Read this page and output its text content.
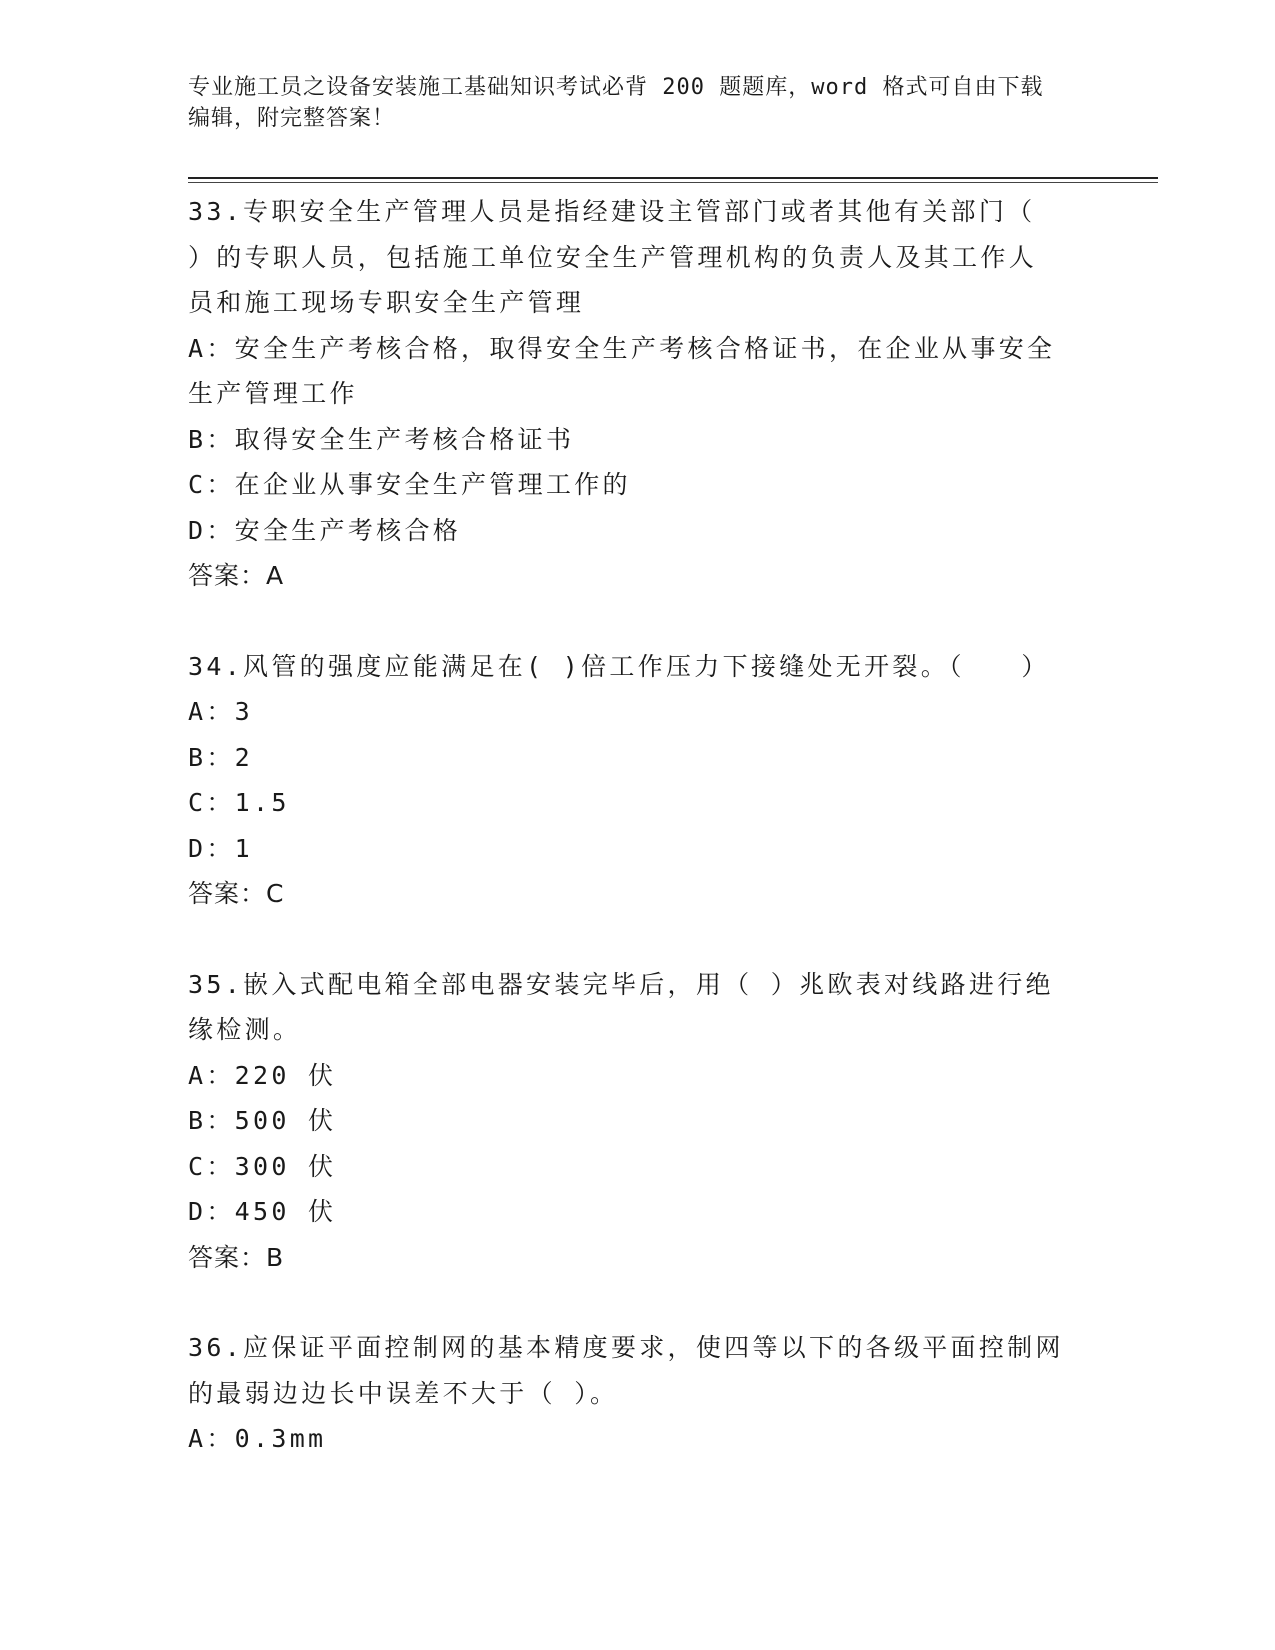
专业施工员之设备安装施工基础知识考试必背 200 题题库，word 格式可自由下载
编辑，附完整答案！
33.专职安全生产管理人员是指经建设主管部门或者其他有关部门（
）的专职人员，包括施工单位安全生产管理机构的负责人及其工作人
员和施工现场专职安全生产管理
A：安全生产考核合格，取得安全生产考核合格证书，在企业从事安全
生产管理工作
B：取得安全生产考核合格证书
C：在企业从事安全生产管理工作的
D：安全生产考核合格
答案：A
34.风管的强度应能满足在( )倍工作压力下接缝处无开裂。（　　）
A：3
B：2
C：1.5
D：1
答案：C
35.嵌入式配电箱全部电器安装完毕后，用（ ）兆欧表对线路进行绝
缘检测。
A：220 伏
B：500 伏
C：300 伏
D：450 伏
答案：B
36.应保证平面控制网的基本精度要求，使四等以下的各级平面控制网
的最弱边边长中误差不大于（ ）。
A：0.3mm
